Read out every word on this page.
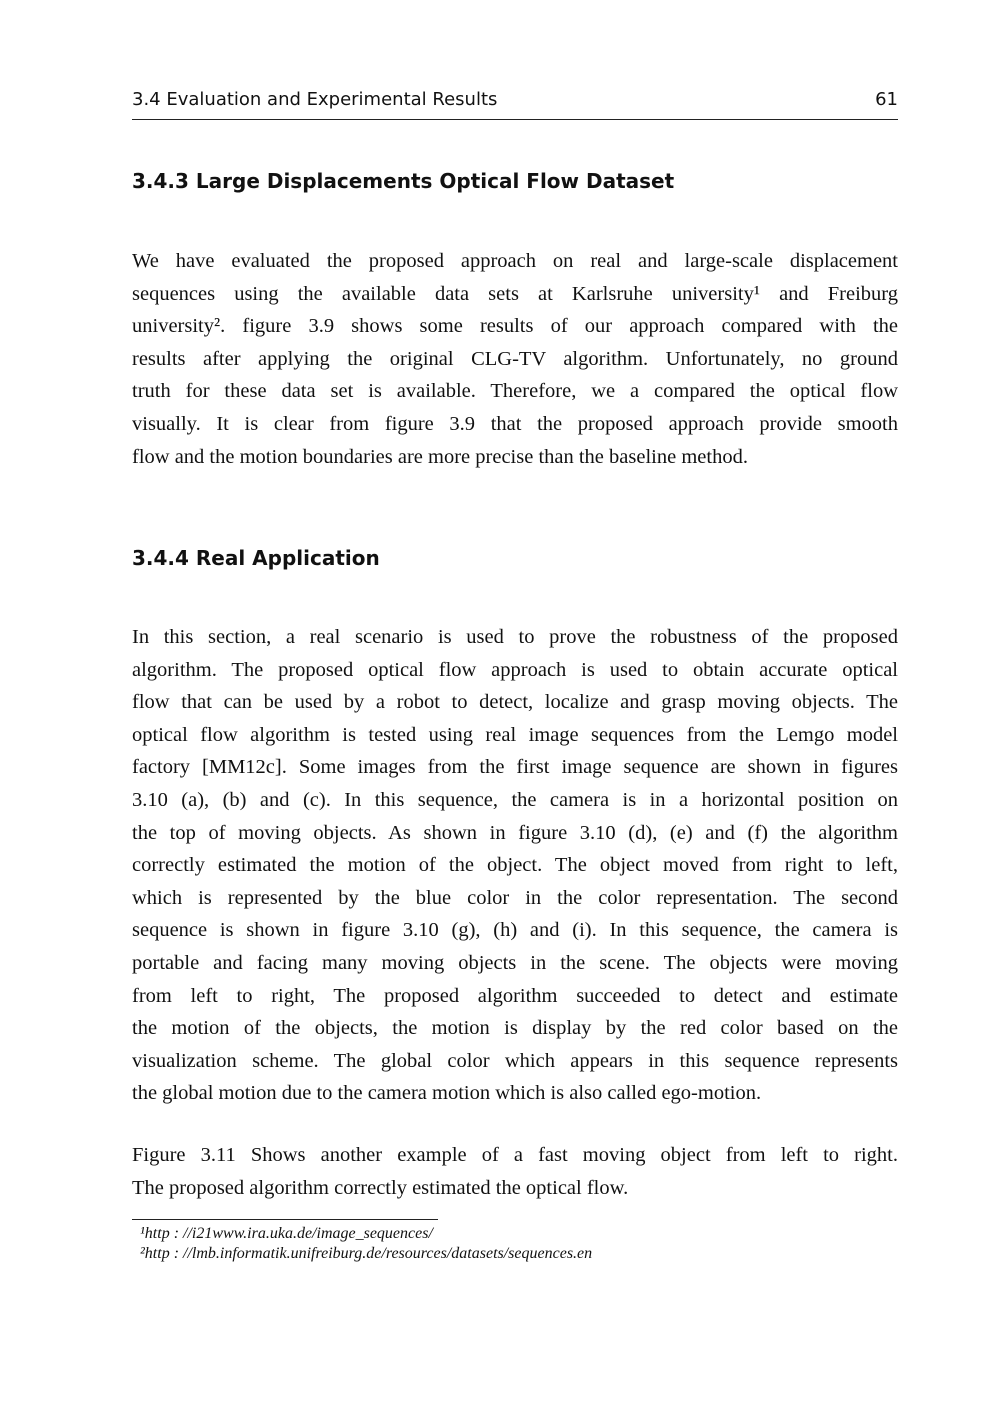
3.4 Evaluation and Experimental Results	61
3.4.3 Large Displacements Optical Flow Dataset
We have evaluated the proposed approach on real and large-scale displacement
sequences using the available data sets at Karlsruhe university¹ and Freiburg
university². figure 3.9 shows some results of our approach compared with the
results after applying the original CLG-TV algorithm. Unfortunately, no ground
truth for these data set is available. Therefore, we a compared the optical flow
visually. It is clear from figure 3.9 that the proposed approach provide smooth
flow and the motion boundaries are more precise than the baseline method.
3.4.4 Real Application
In this section, a real scenario is used to prove the robustness of the proposed
algorithm. The proposed optical flow approach is used to obtain accurate optical
flow that can be used by a robot to detect, localize and grasp moving objects. The
optical flow algorithm is tested using real image sequences from the Lemgo model
factory [MM12c]. Some images from the first image sequence are shown in figures
3.10 (a), (b) and (c). In this sequence, the camera is in a horizontal position on
the top of moving objects. As shown in figure 3.10 (d), (e) and (f) the algorithm
correctly estimated the motion of the object. The object moved from right to left,
which is represented by the blue color in the color representation. The second
sequence is shown in figure 3.10 (g), (h) and (i). In this sequence, the camera is
portable and facing many moving objects in the scene. The objects were moving
from left to right, The proposed algorithm succeeded to detect and estimate
the motion of the objects, the motion is display by the red color based on the
visualization scheme. The global color which appears in this sequence represents
the global motion due to the camera motion which is also called ego-motion.
Figure 3.11 Shows another example of a fast moving object from left to right.
The proposed algorithm correctly estimated the optical flow.
¹http : //i21www.ira.uka.de/image_sequences/
²http : //lmb.informatik.unifreiburg.de/resources/datasets/sequences.en
